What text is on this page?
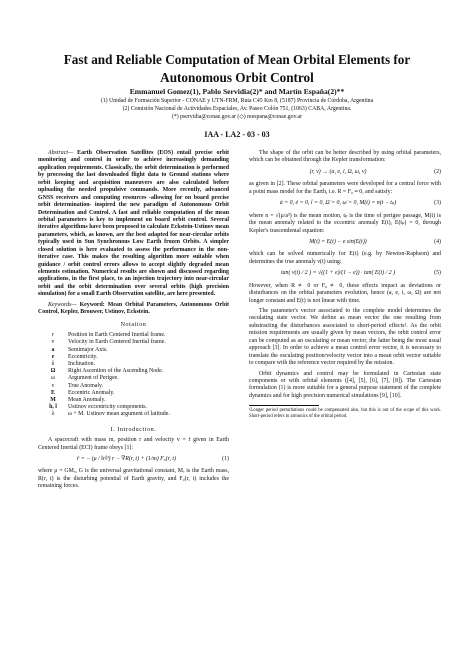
Fast and Reliable Computation of Mean Orbital Elements for
Autonomous Orbit Control
Emmanuel Gomez(1), Pablo Servidia(2)* and Martín España(2)**
(1) Unidad de Formación Superior - CONAE y UTN-FRM, Ruta C45 Km 8, (5187) Provincia de Córdoba, Argentina
(2) Comisión Nacional de Actividades Espaciales, Av. Paseo Colón 751, (1063) CABA, Argentina.
(*) pservidia@conae.gov.ar (◇) mespana@conae.gov.ar
IAA - LA2 - 03 - 03

Abstract— Earth Observation Satellites (EOS) entail precise orbit monitoring and control in order to achieve increasingly demanding application requirements. Classically, the orbit determination is performed by processing the last downloaded flight data to Ground stations where orbit keeping and acquisition maneuvers are also calculated before uploading the needed propulsive commands. More recently, advanced GNSS receivers and computing resources -allowing for on board precise orbit determination- inspired the new paradigm of Autonomous Orbit Determination and Control. A fast and reliable computation of the mean orbital parameters is key to implement on board orbit control. Several iterative algorithms have been proposed to calculate Eckstein-Ustinov mean parameters, which, as known, are the best adapted for near-circular orbits typically used in Sun Synchronous Low Earth frozen Orbits. A simpler closed solution is here evaluated to assess the performance in the non-iterative case. This makes the resulting algorithm more suitable when guidance / orbit control errors allows to accept slightly degraded mean elements estimation. Numerical results are shown and discussed regarding applications, in the first place, to an injection trajectory into near-circular orbit and the orbit determination over several orbits (high precision simulation) for a small Earth Observation satellite, are here presented.

Keywords— Keyword: Mean Orbital Parameters, Autonomous Orbit Control, Kepler, Brouwer, Ustinov, Eckstein.

Notation
r	Position in Earth Centered Inertial frame.
v	Velocity in Earth Centered Inertial frame.
a	Semimajor Axis.
e	Eccentricity.
i	Inclination.
Ω	Right Ascention of the Ascending Node.
ω	Argument of Perigee.
ν	True Anomaly.
E	Eccentric Anomaly.
M	Mean Anomaly.
h, l	Ustinov eccentricity components.
λ	ω + M. Ustinov mean argument of latitude.
I. Introduction.

A spacecraft with mass m, position r and velocity v = ṙ given in Earth Centered Inertial (ECI) frame obeys [1]:

r̈ = − (μ / ‖r‖³) r − ∇R(r, t) + (1/m) F₀(r, t)	(1)

where μ = GMₑ, G is the universal gravitational constant, Mₑ is the Earth mass, R(r, t) is the disturbing potential of Earth gravity, and F₀(r, t) includes the remaining forces.

The shape of the orbit can be better described by using orbital parameters, which can be obtained through the Kepler transformation:

(r, v) → (a, e, i, Ω, ω, ν)	(2)

as given in [2]. These orbital parameters were developed for a central force with a point mass model for the Earth, i.e. R = F₀ ≡ 0, and satisfy:

ȧ = 0, ė = 0, i̇ = 0, Ω̇ = 0, ω̇ = 0, M(t) = n(t − tₚ)	(3)

where n = √(μ/a³) is the mean motion, tₚ is the time of perigee passage, M(t) is the mean anomaly related to the eccentric anomaly E(t), E(tₚ) = 0, through Kepler's trascendental equation:

M(t) = E(t) − e sin(E(t))	(4)

which can be solved numerically for E(t) (e.g. by Newton-Raphson) and determines the true anomaly ν(t) using:

tan( ν(t) / 2 ) = √((1 + e)/(1 − e)) · tan( E(t) / 2 )	(5)

However, when R ≢ 0 or F₀ ≢ 0, these effects impact as deviations or disturbances on the orbital parameters evolution, hence (a, e, i, ω, Ω) are not longer constant and E(t) is not linear with time.

The parameter's vector associated to the complete model determines the osculating state vector. We define as mean vector the one resulting from substracting the disturbances associated to short-period effects¹. As the orbit mission requirements are usually given by mean vectors, the orbit control error can be computed as an osculating or mean vector, the latter being the most usual approach [3]. In order to achieve a mean control error vector, it is necessary to translate the osculating position/velocity vector into a mean orbit vector suitable to compare with the reference vector required by the mission.

Orbit dynamics and control may be formulated in Cartesian state components or with orbital elements ([4], [5], [6], [7], [8]). The Cartesian formulation (1) is more suitable for a general purpose statement of the complete dynamics and for high precision numerical simulations [9], [10].

¹Longer period perturbations could be compensated also, but this is out of the scope of this work. Short-period refers to armonics of the orbital period.
